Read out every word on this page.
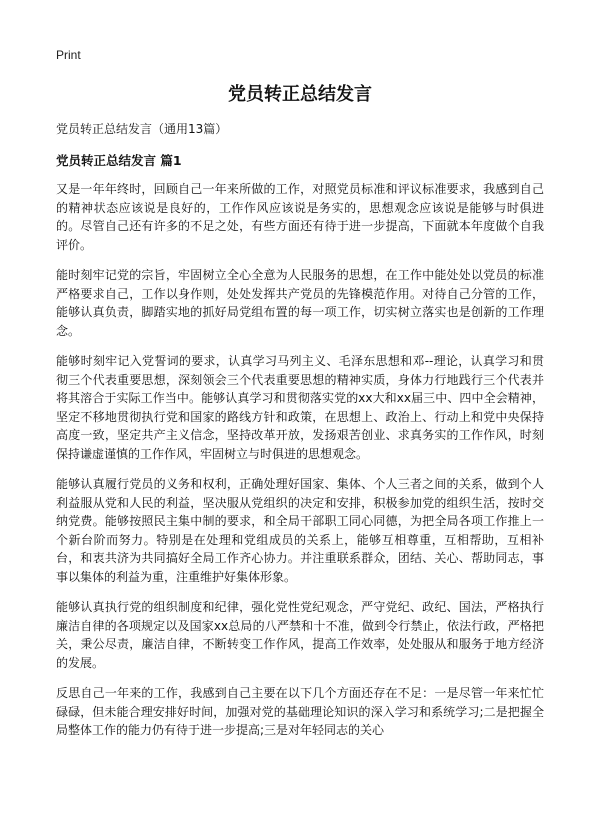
Print
党员转正总结发言
党员转正总结发言（通用13篇）
党员转正总结发言 篇1

又是一年年终时，回顾自己一年来所做的工作，对照党员标准和评议标准要求，我感到自己的精神状态应该说是良好的，工作作风应该说是务实的，思想观念应该说是能够与时俱进的。尽管自己还有许多的不足之处，有些方面还有待于进一步提高，下面就本年度做个自我评价。

能时刻牢记党的宗旨，牢固树立全心全意为人民服务的思想，在工作中能处处以党员的标准严格要求自己，工作以身作则，处处发挥共产党员的先锋模范作用。对待自己分管的工作，能够认真负责，脚踏实地的抓好局党组布置的每一项工作，切实树立落实也是创新的工作理念。

能够时刻牢记入党誓词的要求，认真学习马列主义、毛泽东思想和邓--理论，认真学习和贯彻三个代表重要思想，深刻领会三个代表重要思想的精神实质，身体力行地践行三个代表并将其溶合于实际工作当中。能够认真学习和贯彻落实党的xx大和xx届三中、四中全会精神，坚定不移地贯彻执行党和国家的路线方针和政策，在思想上、政治上、行动上和党中央保持高度一致，坚定共产主义信念，坚持改革开放，发扬艰苦创业、求真务实的工作作风，时刻保持谦虚谨慎的工作作风，牢固树立与时俱进的思想观念。

能够认真履行党员的义务和权利，正确处理好国家、集体、个人三者之间的关系，做到个人利益服从党和人民的利益，坚决服从党组织的决定和安排，积极参加党的组织生活，按时交纳党费。能够按照民主集中制的要求，和全局干部职工同心同德，为把全局各项工作推上一个新台阶而努力。特别是在处理和党组成员的关系上，能够互相尊重，互相帮助，互相补台，和衷共济为共同搞好全局工作齐心协力。并注重联系群众，团结、关心、帮助同志，事事以集体的利益为重，注重维护好集体形象。

能够认真执行党的组织制度和纪律，强化党性党纪观念，严守党纪、政纪、国法，严格执行廉洁自律的各项规定以及国家xx总局的八严禁和十不准，做到令行禁止，依法行政，严格把关，秉公尽责，廉洁自律，不断转变工作作风，提高工作效率，处处服从和服务于地方经济的发展。

反思自己一年来的工作，我感到自己主要在以下几个方面还存在不足：一是尽管一年来忙忙碌碌，但未能合理安排好时间，加强对党的基础理论知识的深入学习和系统学习;二是把握全局整体工作的能力仍有待于进一步提高;三是对年轻同志的关心
